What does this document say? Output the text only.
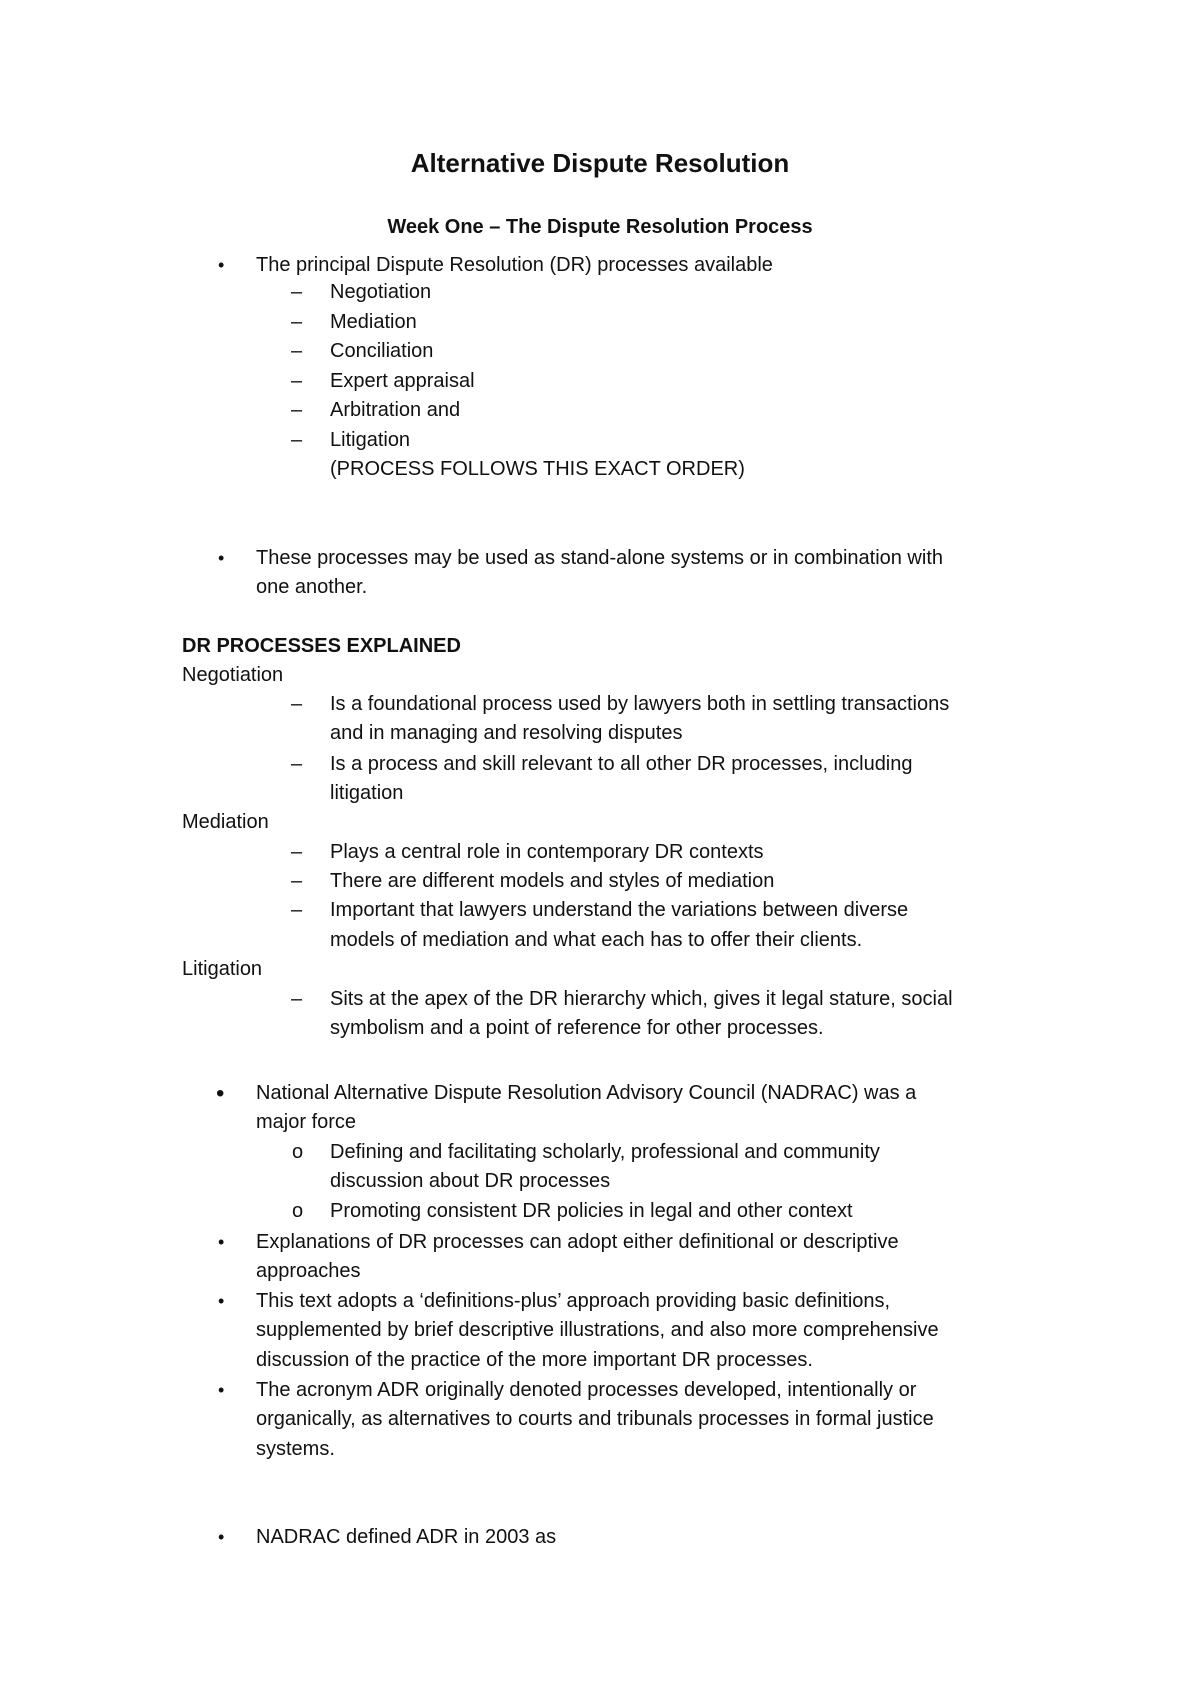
Alternative Dispute Resolution
Week One – The Dispute Resolution Process
• The principal Dispute Resolution (DR) processes available
– Negotiation
– Mediation
– Conciliation
– Expert appraisal
– Arbitration and
– Litigation
(PROCESS FOLLOWS THIS EXACT ORDER)
• These processes may be used as stand-alone systems or in combination with
one another.
DR PROCESSES EXPLAINED
Negotiation
– Is a foundational process used by lawyers both in settling transactions
and in managing and resolving disputes
– Is a process and skill relevant to all other DR processes, including
litigation
Mediation
– Plays a central role in contemporary DR contexts
– There are different models and styles of mediation
– Important that lawyers understand the variations between diverse
models of mediation and what each has to offer their clients.
Litigation
– Sits at the apex of the DR hierarchy which, gives it legal stature, social
symbolism and a point of reference for other processes.
• National Alternative Dispute Resolution Advisory Council (NADRAC) was a
major force
o Defining and facilitating scholarly, professional and community
discussion about DR processes
o Promoting consistent DR policies in legal and other context
• Explanations of DR processes can adopt either definitional or descriptive
approaches
• This text adopts a ‘definitions-plus’ approach providing basic definitions,
supplemented by brief descriptive illustrations, and also more comprehensive
discussion of the practice of the more important DR processes.
• The acronym ADR originally denoted processes developed, intentionally or
organically, as alternatives to courts and tribunals processes in formal justice
systems.
• NADRAC defined ADR in 2003 as
